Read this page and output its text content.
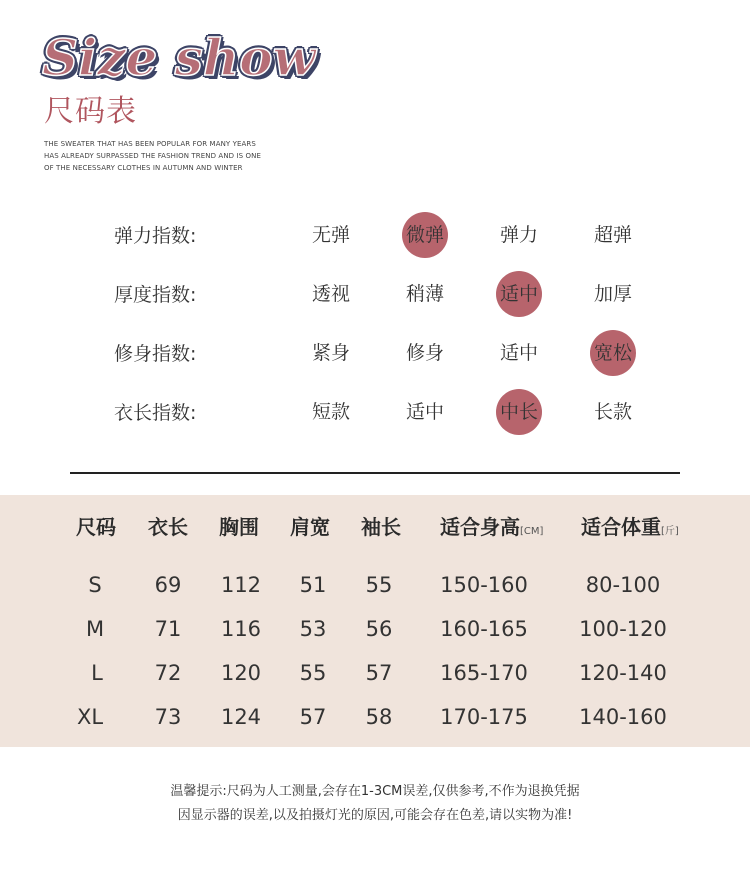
Size show
尺码表
THE SWEATER THAT HAS BEEN POPULAR FOR MANY YEARS
HAS ALREADY SURPASSED THE FASHION TREND AND IS ONE
OF THE NECESSARY CLOTHES IN AUTUMN AND WINTER
弹力指数:	无弹	微弹	弹力	超弹
厚度指数:	透视	稍薄	适中	加厚
修身指数:	紧身	修身	适中	宽松
衣长指数:	短款	适中	中长	长款
尺码 衣长 胸围 肩宽 袖长 适合身高[CM] 适合体重[斤]
S	69	112	51	55	150-160	80-100
M	71	116	53	56	160-165	100-120
L	72	120	55	57	165-170	120-140
XL	73	124	57	58	170-175	140-160
温馨提示:尺码为人工测量,会存在1-3CM误差,仅供参考,不作为退换凭据
因显示器的误差,以及拍摄灯光的原因,可能会存在色差,请以实物为准!
